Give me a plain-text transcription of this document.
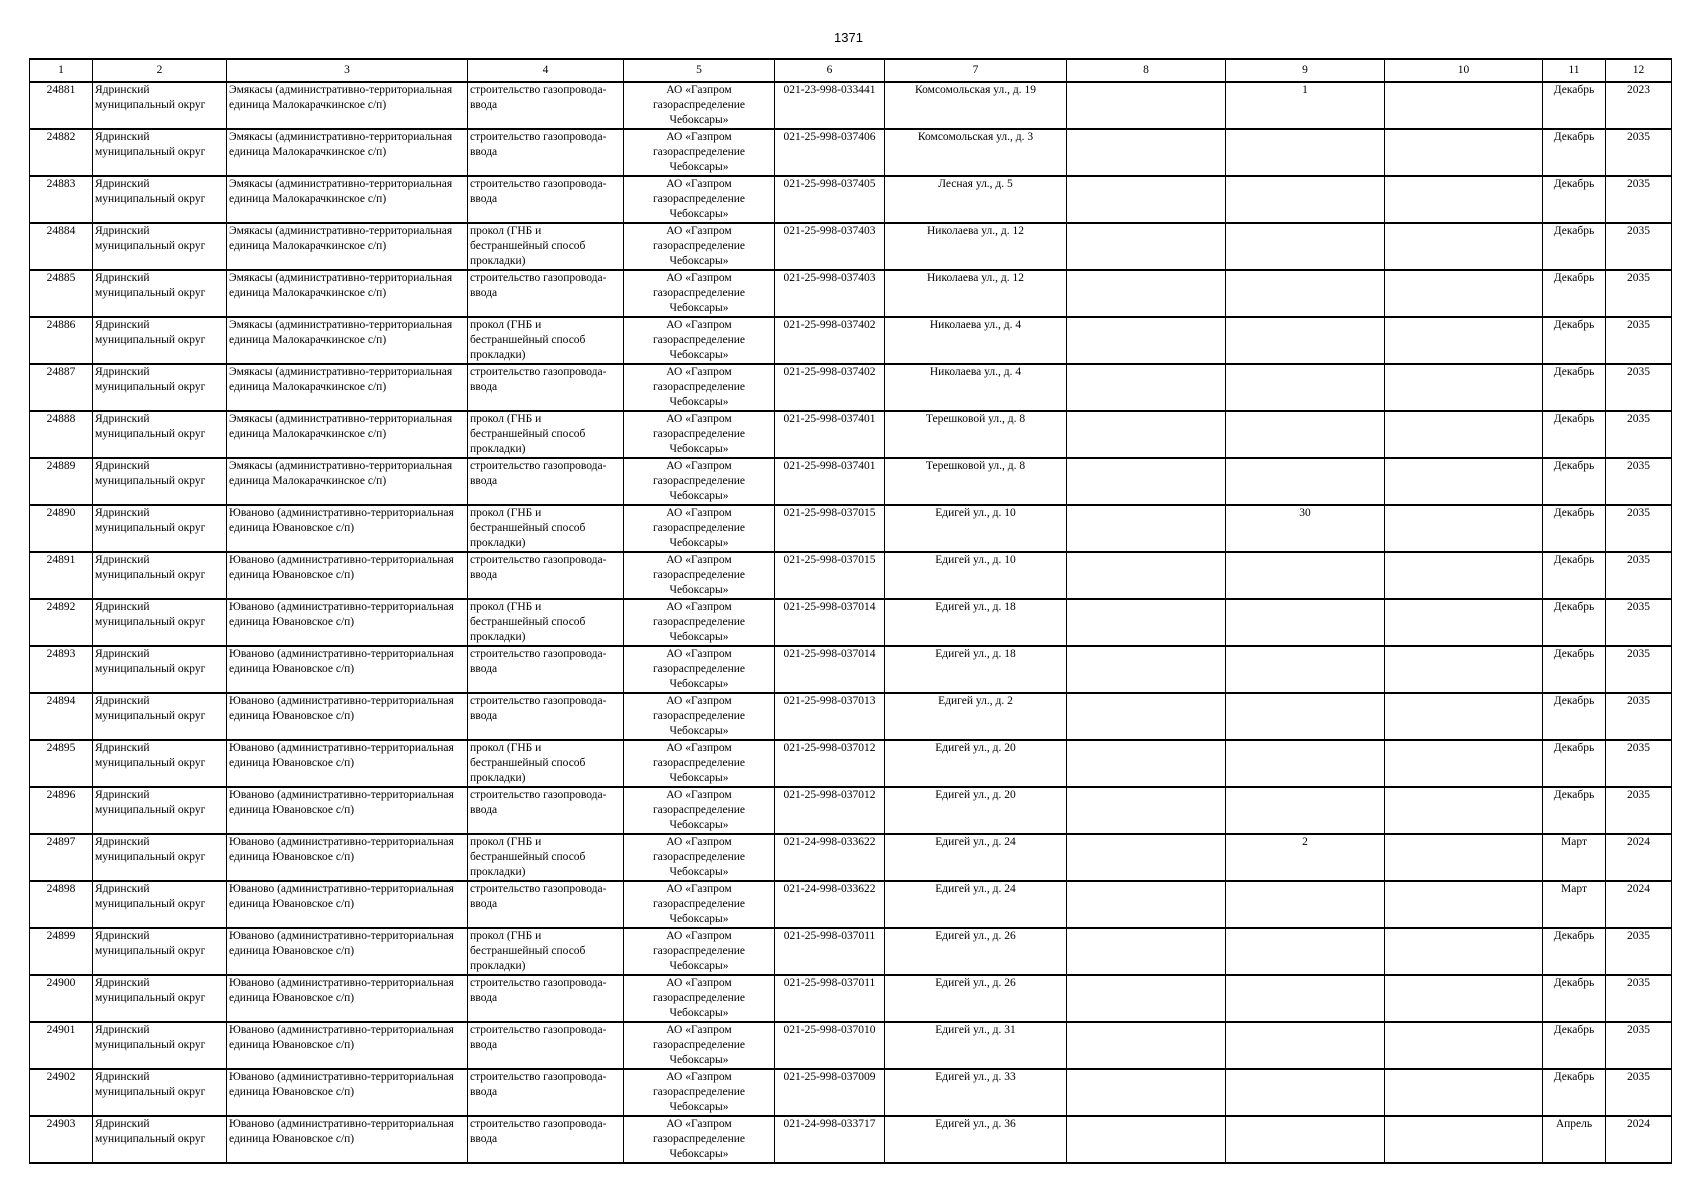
1371
1	2	3	4	5	6	7	8	9	10	11	12

24881	Ядринский муниципальный округ	Эмякасы (административно-территориальная единица Малокарачкинское с/п)	строительство газопровода-ввода	АО «Газпром газораспределение Чебоксары»	021-23-998-033441	Комсомольская ул., д. 19		1		Декабрь	2023

24882	Ядринский муниципальный округ	Эмякасы (административно-территориальная единица Малокарачкинское с/п)	строительство газопровода-ввода	АО «Газпром газораспределение Чебоксары»	021-25-998-037406	Комсомольская ул., д. 3				Декабрь	2035

24883	Ядринский муниципальный округ	Эмякасы (административно-территориальная единица Малокарачкинское с/п)	строительство газопровода-ввода	АО «Газпром газораспределение Чебоксары»	021-25-998-037405	Лесная ул., д. 5				Декабрь	2035

24884	Ядринский муниципальный округ	Эмякасы (административно-территориальная единица Малокарачкинское с/п)	прокол (ГНБ и бестраншейный способ прокладки)	АО «Газпром газораспределение Чебоксары»	021-25-998-037403	Николаева ул., д. 12				Декабрь	2035

24885	Ядринский муниципальный округ	Эмякасы (административно-территориальная единица Малокарачкинское с/п)	строительство газопровода-ввода	АО «Газпром газораспределение Чебоксары»	021-25-998-037403	Николаева ул., д. 12				Декабрь	2035

24886	Ядринский муниципальный округ	Эмякасы (административно-территориальная единица Малокарачкинское с/п)	прокол (ГНБ и бестраншейный способ прокладки)	АО «Газпром газораспределение Чебоксары»	021-25-998-037402	Николаева ул., д. 4				Декабрь	2035

24887	Ядринский муниципальный округ	Эмякасы (административно-территориальная единица Малокарачкинское с/п)	строительство газопровода-ввода	АО «Газпром газораспределение Чебоксары»	021-25-998-037402	Николаева ул., д. 4				Декабрь	2035

24888	Ядринский муниципальный округ	Эмякасы (административно-территориальная единица Малокарачкинское с/п)	прокол (ГНБ и бестраншейный способ прокладки)	АО «Газпром газораспределение Чебоксары»	021-25-998-037401	Терешковой ул., д. 8				Декабрь	2035

24889	Ядринский муниципальный округ	Эмякасы (административно-территориальная единица Малокарачкинское с/п)	строительство газопровода-ввода	АО «Газпром газораспределение Чебоксары»	021-25-998-037401	Терешковой ул., д. 8				Декабрь	2035

24890	Ядринский муниципальный округ	Юваново (административно-территориальная единица Ювановское с/п)	прокол (ГНБ и бестраншейный способ прокладки)	АО «Газпром газораспределение Чебоксары»	021-25-998-037015	Едигей ул., д. 10		30		Декабрь	2035

24891	Ядринский муниципальный округ	Юваново (административно-территориальная единица Ювановское с/п)	строительство газопровода-ввода	АО «Газпром газораспределение Чебоксары»	021-25-998-037015	Едигей ул., д. 10				Декабрь	2035

24892	Ядринский муниципальный округ	Юваново (административно-территориальная единица Ювановское с/п)	прокол (ГНБ и бестраншейный способ прокладки)	АО «Газпром газораспределение Чебоксары»	021-25-998-037014	Едигей ул., д. 18				Декабрь	2035

24893	Ядринский муниципальный округ	Юваново (административно-территориальная единица Ювановское с/п)	строительство газопровода-ввода	АО «Газпром газораспределение Чебоксары»	021-25-998-037014	Едигей ул., д. 18				Декабрь	2035

24894	Ядринский муниципальный округ	Юваново (административно-территориальная единица Ювановское с/п)	строительство газопровода-ввода	АО «Газпром газораспределение Чебоксары»	021-25-998-037013	Едигей ул., д. 2				Декабрь	2035

24895	Ядринский муниципальный округ	Юваново (административно-территориальная единица Ювановское с/п)	прокол (ГНБ и бестраншейный способ прокладки)	АО «Газпром газораспределение Чебоксары»	021-25-998-037012	Едигей ул., д. 20				Декабрь	2035

24896	Ядринский муниципальный округ	Юваново (административно-территориальная единица Ювановское с/п)	строительство газопровода-ввода	АО «Газпром газораспределение Чебоксары»	021-25-998-037012	Едигей ул., д. 20				Декабрь	2035

24897	Ядринский муниципальный округ	Юваново (административно-территориальная единица Ювановское с/п)	прокол (ГНБ и бестраншейный способ прокладки)	АО «Газпром газораспределение Чебоксары»	021-24-998-033622	Едигей ул., д. 24		2		Март	2024

24898	Ядринский муниципальный округ	Юваново (административно-территориальная единица Ювановское с/п)	строительство газопровода-ввода	АО «Газпром газораспределение Чебоксары»	021-24-998-033622	Едигей ул., д. 24				Март	2024

24899	Ядринский муниципальный округ	Юваново (административно-территориальная единица Ювановское с/п)	прокол (ГНБ и бестраншейный способ прокладки)	АО «Газпром газораспределение Чебоксары»	021-25-998-037011	Едигей ул., д. 26				Декабрь	2035

24900	Ядринский муниципальный округ	Юваново (административно-территориальная единица Ювановское с/п)	строительство газопровода-ввода	АО «Газпром газораспределение Чебоксары»	021-25-998-037011	Едигей ул., д. 26				Декабрь	2035

24901	Ядринский муниципальный округ	Юваново (административно-территориальная единица Ювановское с/п)	строительство газопровода-ввода	АО «Газпром газораспределение Чебоксары»	021-25-998-037010	Едигей ул., д. 31				Декабрь	2035

24902	Ядринский муниципальный округ	Юваново (административно-территориальная единица Ювановское с/п)	строительство газопровода-ввода	АО «Газпром газораспределение Чебоксары»	021-25-998-037009	Едигей ул., д. 33				Декабрь	2035

24903	Ядринский муниципальный округ	Юваново (административно-территориальная единица Ювановское с/п)	строительство газопровода-ввода	АО «Газпром газораспределение Чебоксары»	021-24-998-033717	Едигей ул., д. 36				Апрель	2024
